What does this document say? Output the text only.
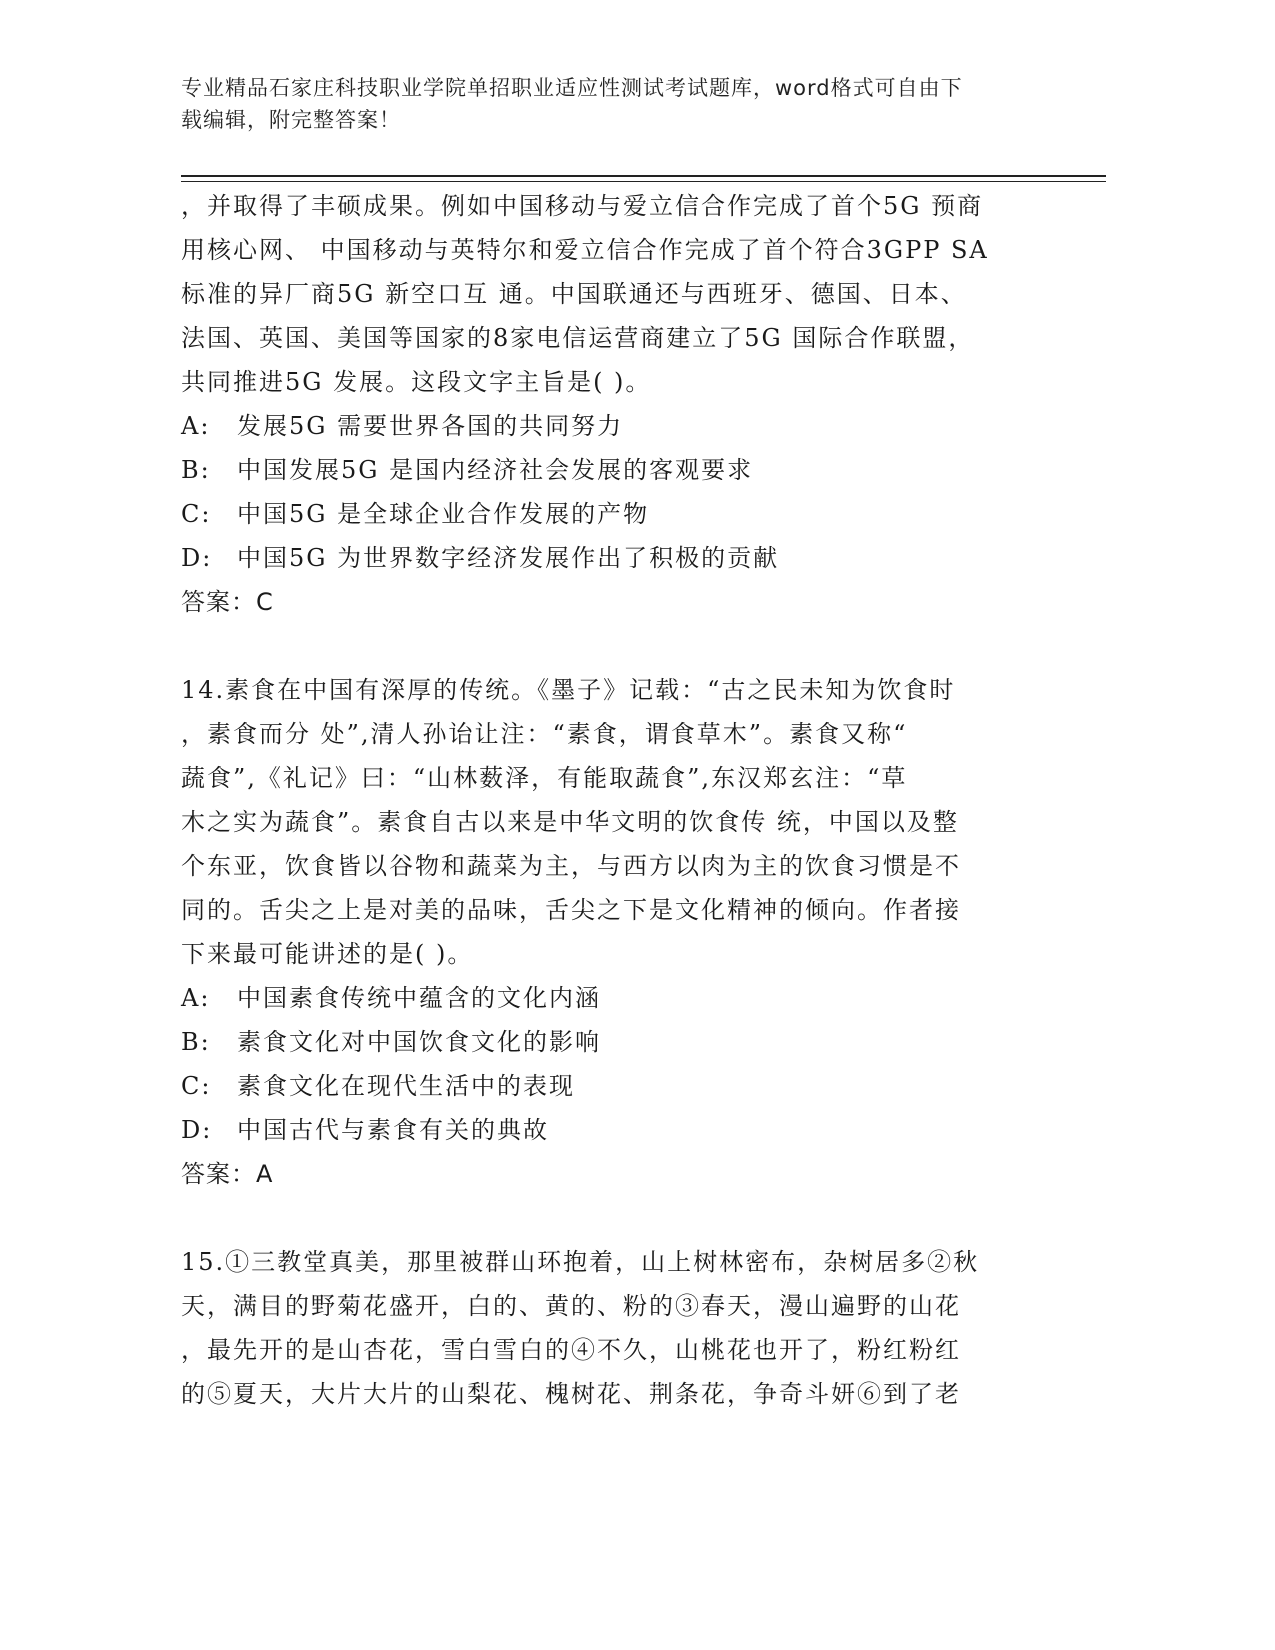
专业精品石家庄科技职业学院单招职业适应性测试考试题库，word格式可自由下
载编辑，附完整答案！
，并取得了丰硕成果。例如中国移动与爱立信合作完成了首个5G 预商
用核心网、 中国移动与英特尔和爱立信合作完成了首个符合3GPP SA
标准的异厂商5G 新空口互 通。中国联通还与西班牙、德国、日本、
法国、英国、美国等国家的8家电信运营商建立了5G 国际合作联盟，
共同推进5G 发展。这段文字主旨是( )。
A: 发展5G 需要世界各国的共同努力
B: 中国发展5G 是国内经济社会发展的客观要求
C: 中国5G 是全球企业合作发展的产物
D: 中国5G 为世界数字经济发展作出了积极的贡献
答案：C
14.素食在中国有深厚的传统。《墨子》记载：“古之民未知为饮食时
，素食而分 处”,清人孙诒让注：“素食，谓食草木”。素食又称“
蔬食”,《礼记》曰：“山林薮泽，有能取蔬食”,东汉郑玄注：“草
木之实为蔬食”。素食自古以来是中华文明的饮食传 统，中国以及整
个东亚，饮食皆以谷物和蔬菜为主，与西方以肉为主的饮食习惯是不
同的。舌尖之上是对美的品味，舌尖之下是文化精神的倾向。作者接
下来最可能讲述的是( )。
A: 中国素食传统中蕴含的文化内涵
B: 素食文化对中国饮食文化的影响
C: 素食文化在现代生活中的表现
D: 中国古代与素食有关的典故
答案：A
15.①三教堂真美，那里被群山环抱着，山上树林密布，杂树居多②秋
天，满目的野菊花盛开，白的、黄的、粉的③春天，漫山遍野的山花
，最先开的是山杏花，雪白雪白的④不久，山桃花也开了，粉红粉红
的⑤夏天，大片大片的山梨花、槐树花、荆条花，争奇斗妍⑥到了老
